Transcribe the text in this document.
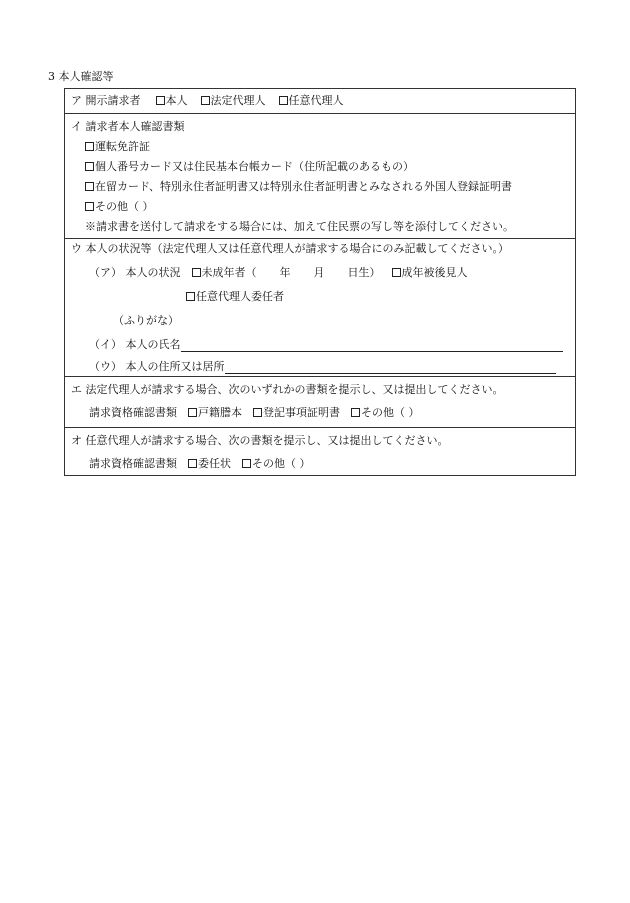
3 本人確認等
ア 開示請求者 本人 法定代理人 任意代理人
イ 請求者本人確認書類
運転免許証
個人番号カード又は住民基本台帳カード（住所記載のあるもの）
在留カード、特別永住者証明書又は特別永住者証明書とみなされる外国人登録証明書
その他（ ）
※請求書を送付して請求をする場合には、加えて住民票の写し等を添付してください。
ウ 本人の状況等（法定代理人又は任意代理人が請求する場合にのみ記載してください。）
（ア） 本人の状況 未成年者（ 年 月 日生） 成年被後見人
任意代理人委任者
（ふりがな）
（イ） 本人の氏名
（ウ） 本人の住所又は居所
エ 法定代理人が請求する場合、次のいずれかの書類を提示し、又は提出してください。
請求資格確認書類 戸籍謄本 登記事項証明書 その他（ ）
オ 任意代理人が請求する場合、次の書類を提示し、又は提出してください。
請求資格確認書類 委任状 その他（ ）
